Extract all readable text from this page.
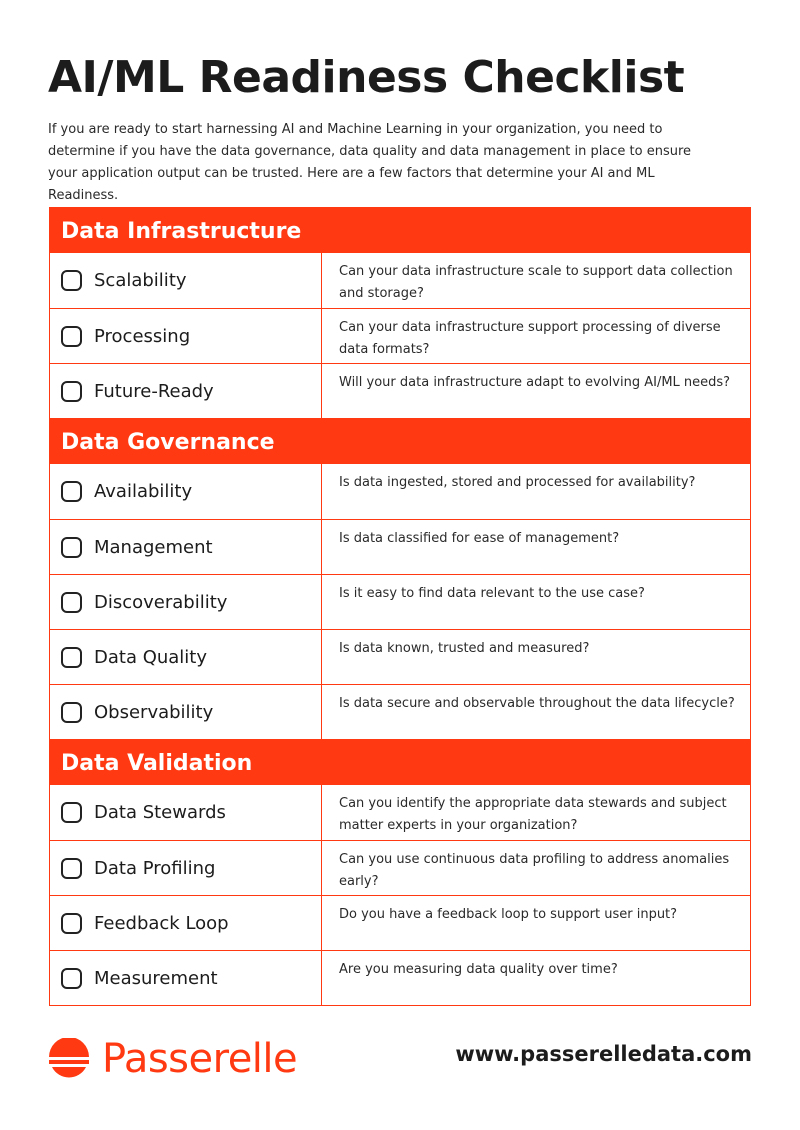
AI/ML Readiness Checklist
If you are ready to start harnessing AI and Machine Learning in your organization, you need to determine if you have the data governance, data quality and data management in place to ensure your application output can be trusted. Here are a few factors that determine your AI and ML Readiness.
Data Infrastructure
Scalability	Can your data infrastructure scale to support data collection and storage?
Processing	Can your data infrastructure support processing of diverse data formats?
Future-Ready	Will your data infrastructure adapt to evolving AI/ML needs?
Data Governance
Availability	Is data ingested, stored and processed for availability?
Management	Is data classified for ease of management?
Discoverability	Is it easy to find data relevant to the use case?
Data Quality	Is data known, trusted and measured?
Observability	Is data secure and observable throughout the data lifecycle?
Data Validation
Data Stewards	Can you identify the appropriate data stewards and subject matter experts in your organization?
Data Profiling	Can you use continuous data profiling to address anomalies early?
Feedback Loop	Do you have a feedback loop to support user input?
Measurement	Are you measuring data quality over time?
Passerelle	www.passerelledata.com
